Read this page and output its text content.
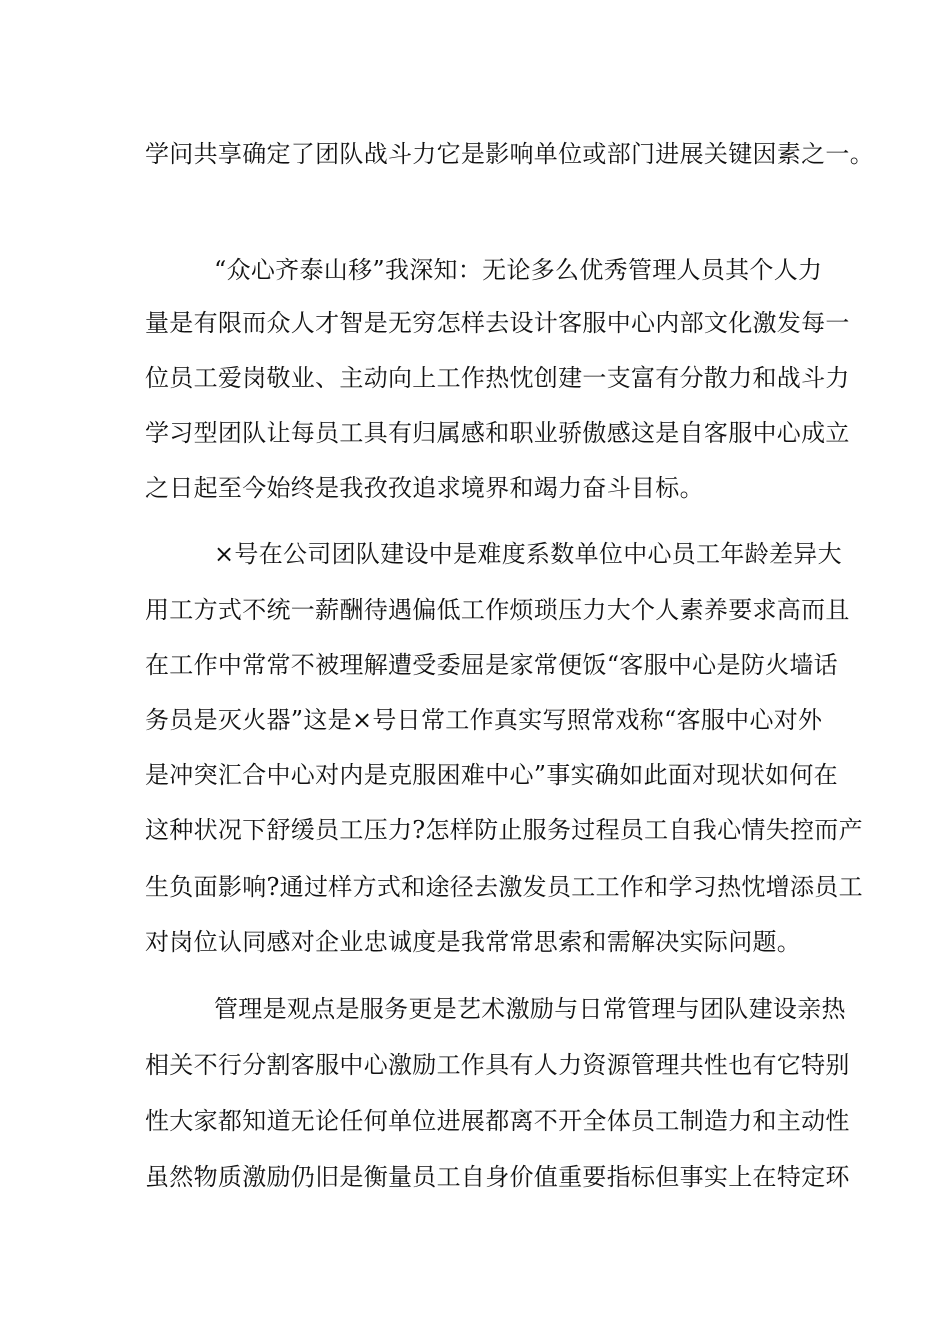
学问共享确定了团队战斗力它是影响单位或部门进展关键因素之一。
“众心齐泰山移”我深知：无论多么优秀管理人员其个人力
量是有限而众人才智是无穷怎样去设计客服中心内部文化激发每一
位员工爱岗敬业、主动向上工作热忱创建一支富有分散力和战斗力
学习型团队让每员工具有归属感和职业骄傲感这是自客服中心成立
之日起至今始终是我孜孜追求境界和竭力奋斗目标。
×号在公司团队建设中是难度系数单位中心员工年龄差异大
用工方式不统一薪酬待遇偏低工作烦琐压力大个人素养要求高而且
在工作中常常不被理解遭受委屈是家常便饭“客服中心是防火墙话
务员是灭火器”这是×号日常工作真实写照常戏称“客服中心对外
是冲突汇合中心对内是克服困难中心”事实确如此面对现状如何在
这种状况下舒缓员工压力?怎样防止服务过程员工自我心情失控而产
生负面影响?通过样方式和途径去激发员工工作和学习热忱增添员工
对岗位认同感对企业忠诚度是我常常思索和需解决实际问题。
管理是观点是服务更是艺术激励与日常管理与团队建设亲热
相关不行分割客服中心激励工作具有人力资源管理共性也有它特别
性大家都知道无论任何单位进展都离不开全体员工制造力和主动性
虽然物质激励仍旧是衡量员工自身价值重要指标但事实上在特定环
